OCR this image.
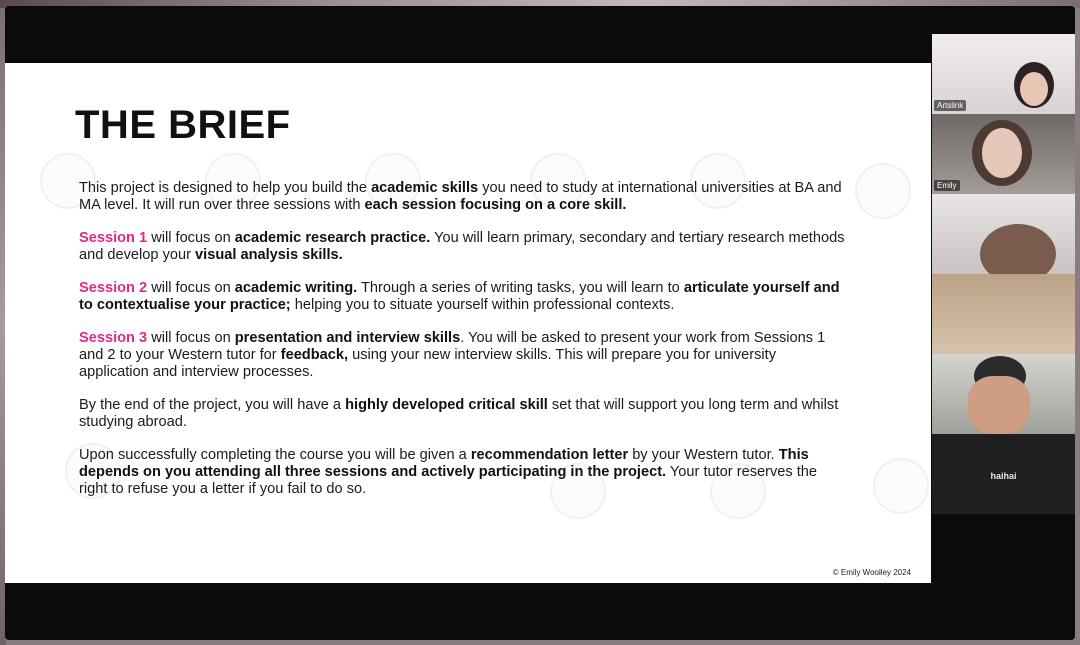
THE BRIEF

This project is designed to help you build the academic skills you need to study at international universities at BA and MA level. It will run over three sessions with each session focusing on a core skill.

Session 1 will focus on academic research practice. You will learn primary, secondary and tertiary research methods and develop your visual analysis skills.

Session 2 will focus on academic writing. Through a series of writing tasks, you will learn to articulate yourself and to contextualise your practice; helping you to situate yourself within professional contexts.

Session 3 will focus on presentation and interview skills. You will be asked to present your work from Sessions 1 and 2 to your Western tutor for feedback, using your new interview skills. This will prepare you for university application and interview processes.

By the end of the project, you will have a highly developed critical skill set that will support you long term and whilst studying abroad.

Upon successfully completing the course you will be given a recommendation letter by your Western tutor. This depends on you attending all three sessions and actively participating in the project. Your tutor reserves the right to refuse you a letter if you fail to do so.

© Emily Woolley 2024
Artslink
Emily
haihai
